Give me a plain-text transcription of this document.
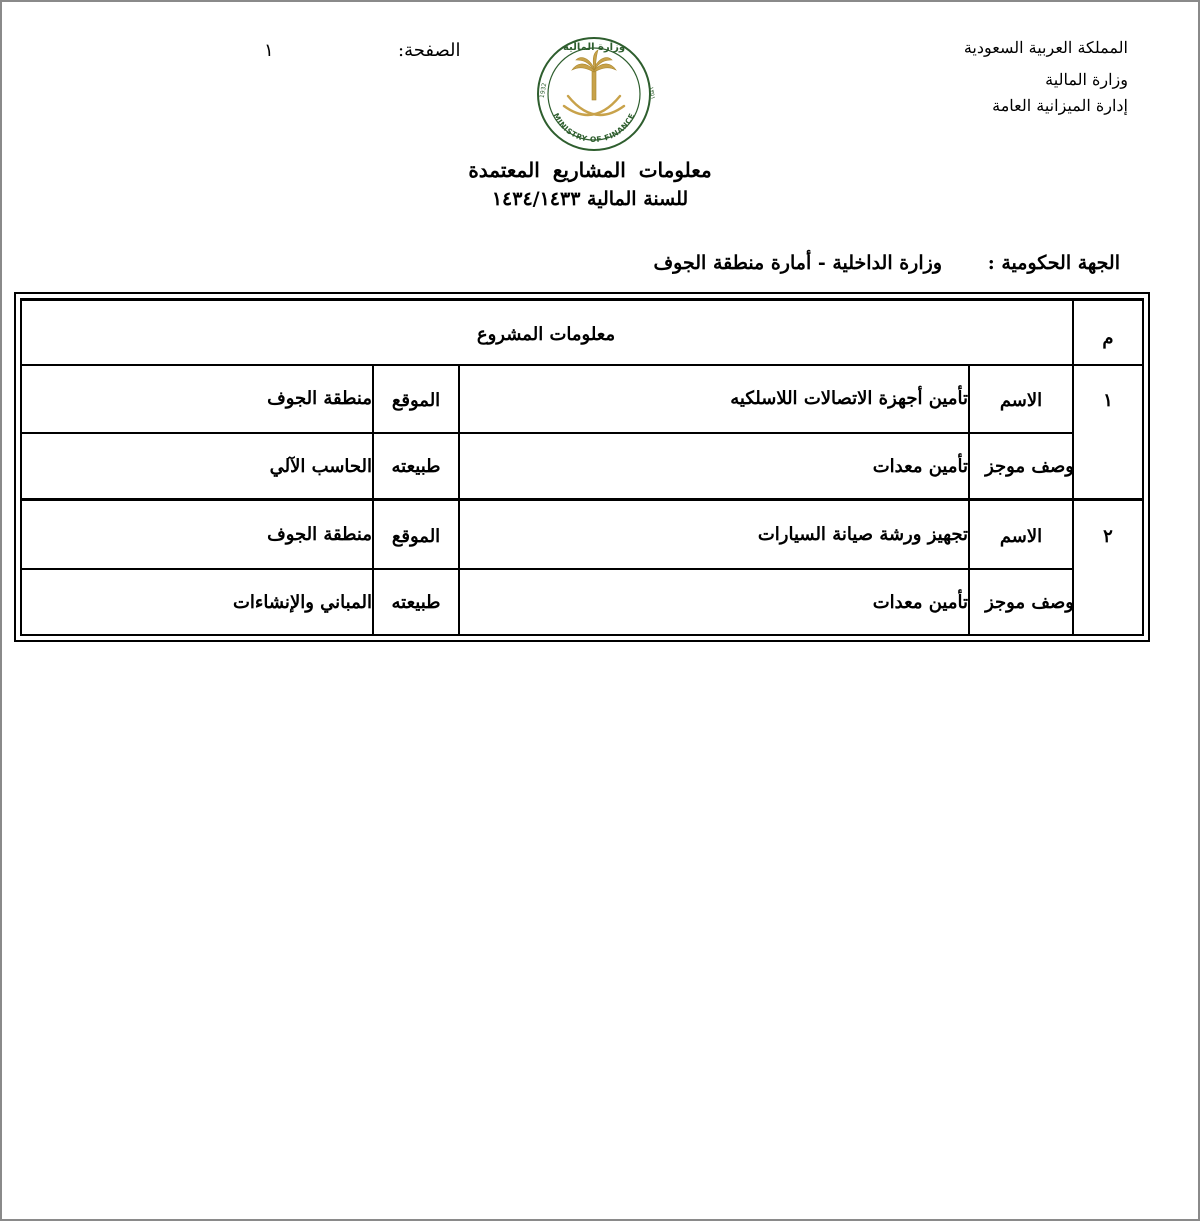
المملكة العربية السعودية
وزارة المالية
إدارة الميزانية العامة
الصفحة:
١	وزارة المالية
1932	١٣٥١
MINISTRY OF FINANCE
معلومات المشاريع المعتمدة
للسنة المالية ١٤٣٤/١٤٣٣
الجهة الحكومية :
وزارة الداخلية - أمارة منطقة الجوف
م
معلومات المشروع
١
الاسم
تأمين أجهزة الاتصالات اللاسلكيه
الموقع
منطقة الجوف
وصف موجز
تأمين معدات
طبيعته
الحاسب الآلي
٢
الاسم
تجهيز ورشة صيانة السيارات
الموقع
منطقة الجوف
وصف موجز
تأمين معدات
طبيعته
المباني والإنشاءات
